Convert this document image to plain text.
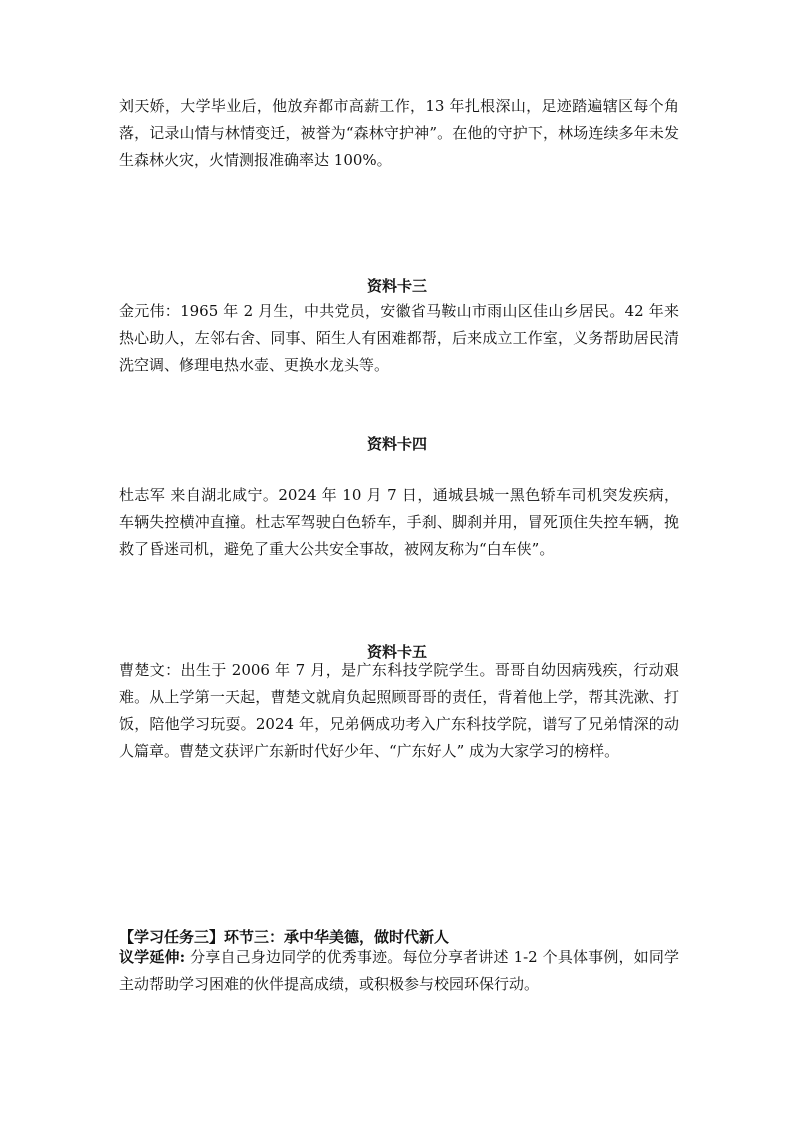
刘天娇，大学毕业后，他放弃都市高薪工作，13 年扎根深山，足迹踏遍辖区每个角落，记录山情与林情变迁，被誉为“森林守护神”。在他的守护下，林场连续多年未发生森林火灾，火情测报准确率达 100%。

资料卡三

金元伟：1965 年 2 月生，中共党员，安徽省马鞍山市雨山区佳山乡居民。42 年来热心助人，左邻右舍、同事、陌生人有困难都帮，后来成立工作室，义务帮助居民清洗空调、修理电热水壶、更换水龙头等。

资料卡四

杜志军 来自湖北咸宁。2024 年 10 月 7 日，通城县城一黑色轿车司机突发疾病，车辆失控横冲直撞。杜志军驾驶白色轿车，手刹、脚刹并用，冒死顶住失控车辆，挽救了昏迷司机，避免了重大公共安全事故，被网友称为“白车侠”。

资料卡五

曹楚文：出生于 2006 年 7 月，是广东科技学院学生。哥哥自幼因病残疾，行动艰难。从上学第一天起，曹楚文就肩负起照顾哥哥的责任，背着他上学，帮其洗漱、打饭，陪他学习玩耍。2024 年，兄弟俩成功考入广东科技学院，谱写了兄弟情深的动人篇章。曹楚文获评广东新时代好少年、“广东好人” 成为大家学习的榜样。

【学习任务三】环节三：承中华美德，做时代新人

议学延伸: 分享自己身边同学的优秀事迹。每位分享者讲述 1-2 个具体事例，如同学主动帮助学习困难的伙伴提高成绩，或积极参与校园环保行动。
